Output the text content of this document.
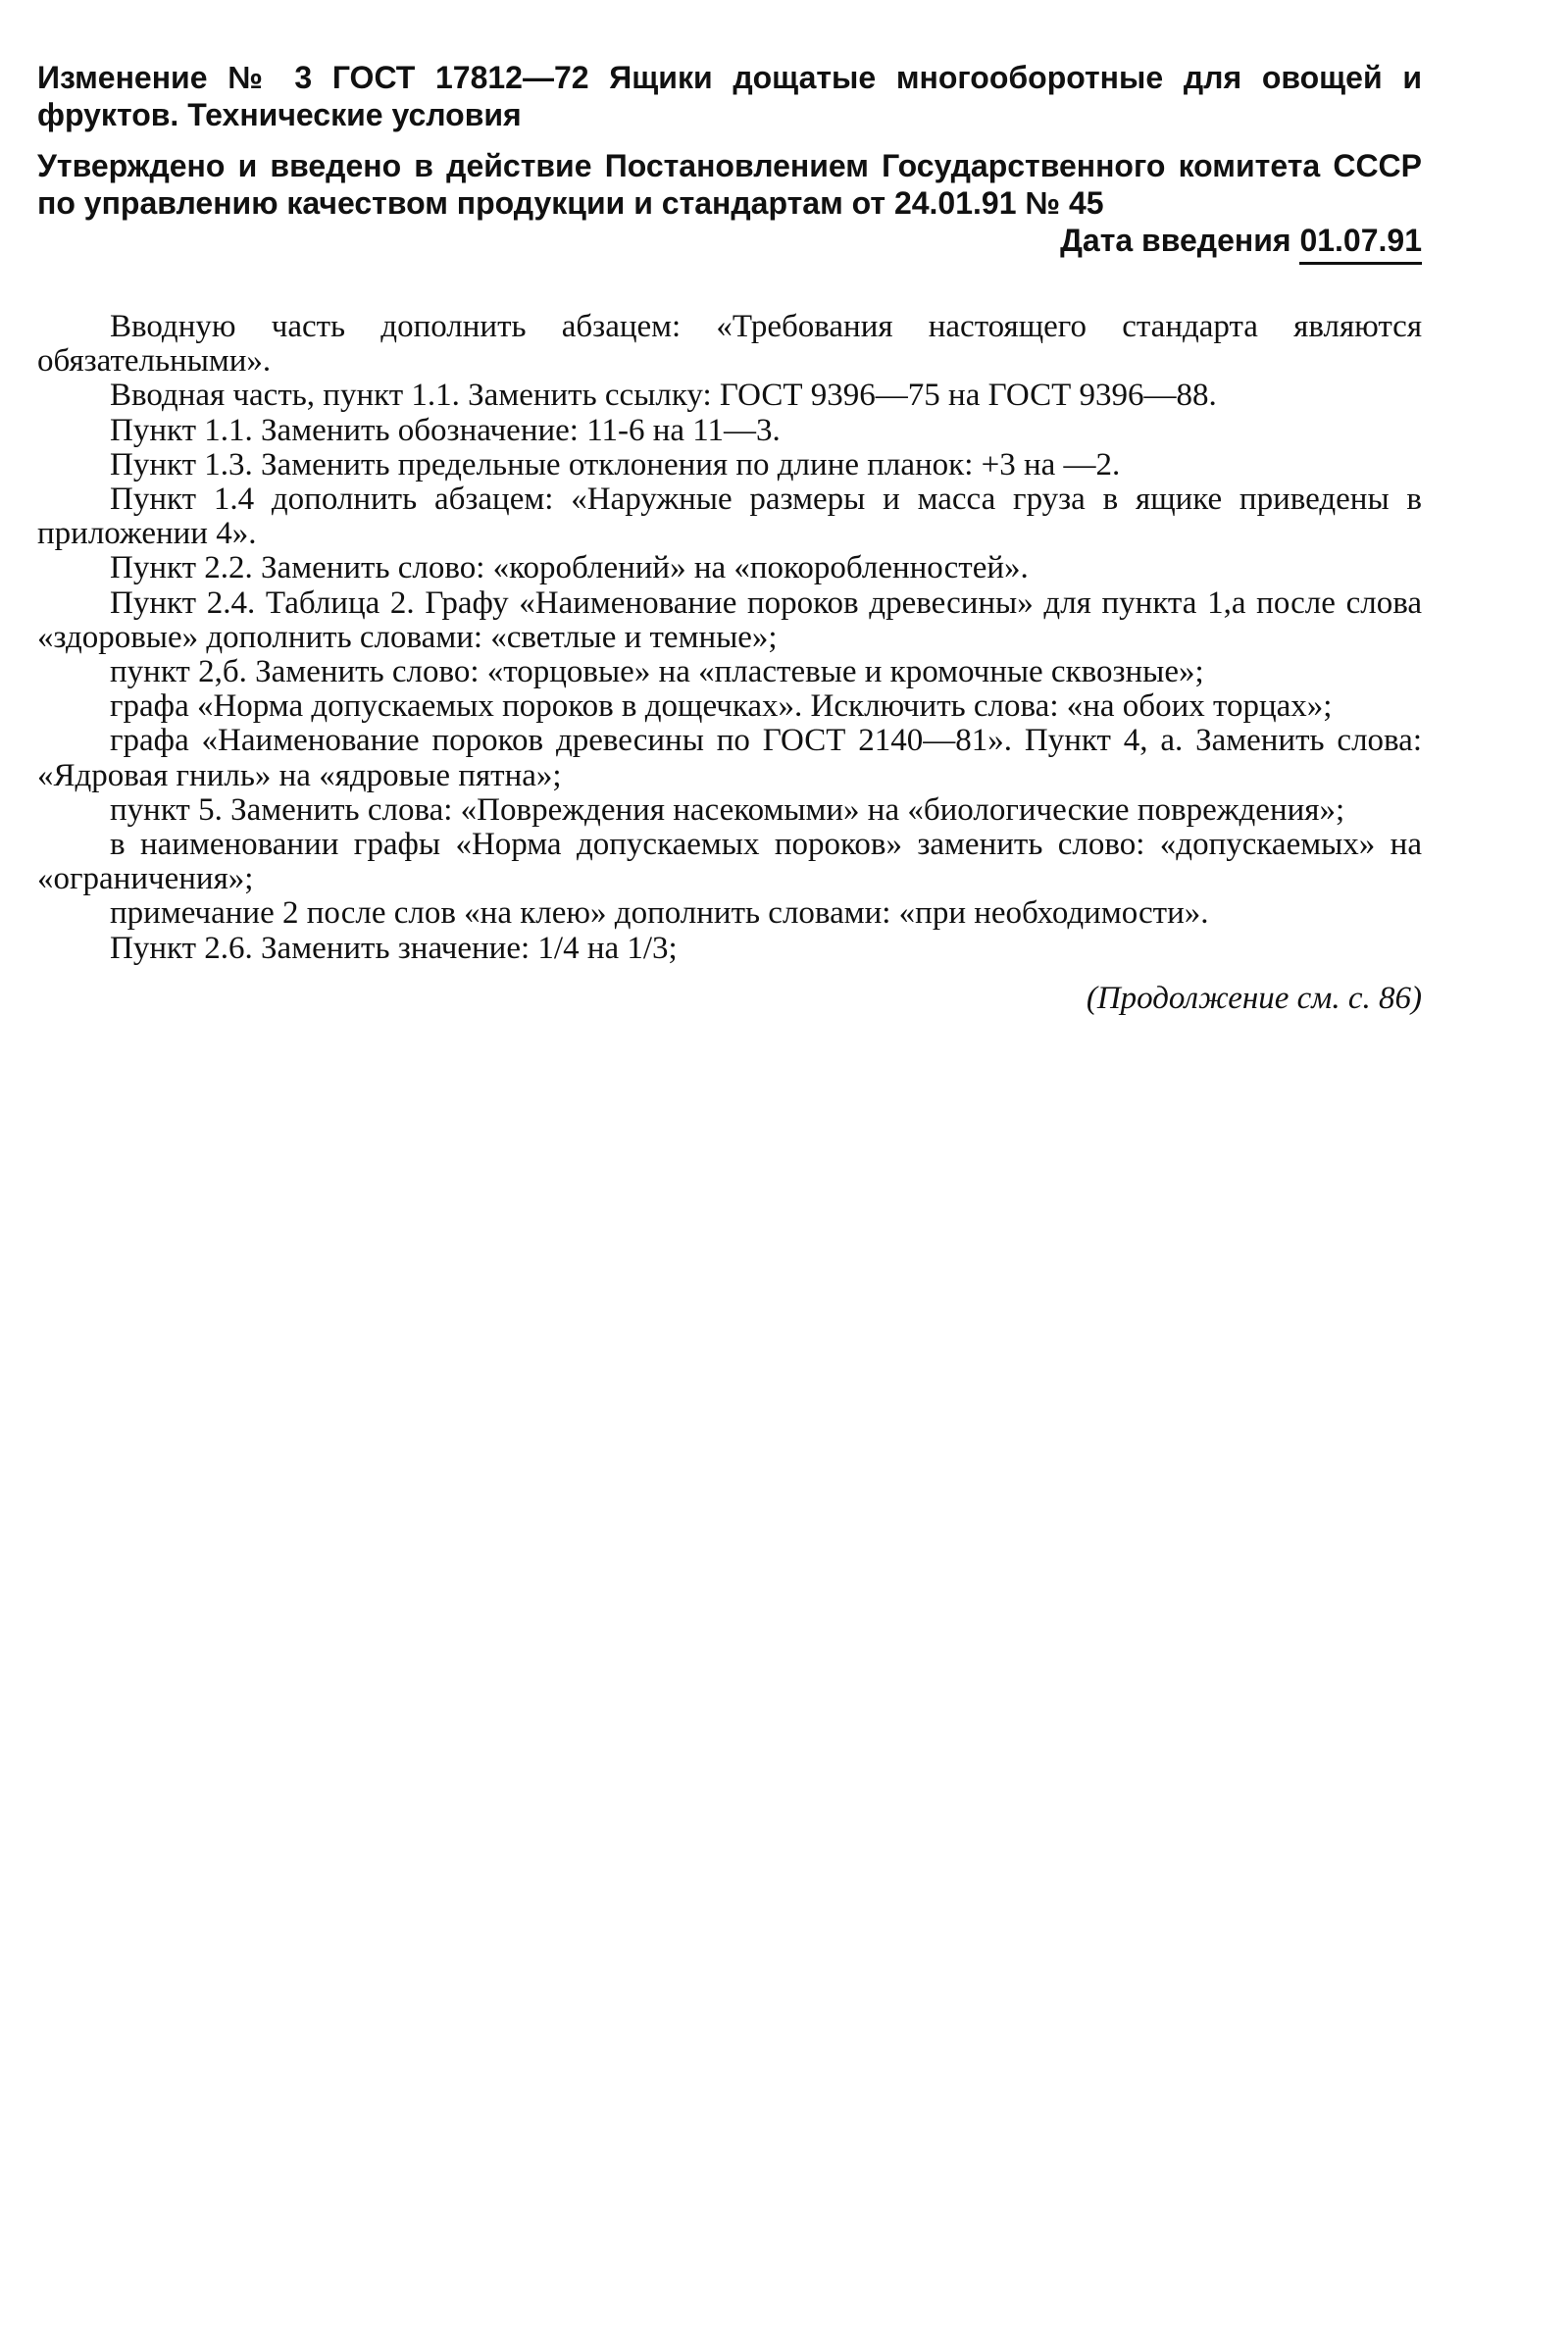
Изменение № 3 ГОСТ 17812—72 Ящики дощатые многооборотные для овощей и фруктов. Технические условия

Утверждено и введено в действие Постановлением Государственного комитета СССР по управлению качеством продукции и стандартам от 24.01.91 № 45

Дата введения 01.07.91

Вводную часть дополнить абзацем: «Требования настоящего стандарта являются обязательными».

Вводная часть, пункт 1.1. Заменить ссылку: ГОСТ 9396—75 на ГОСТ 9396—88.

Пункт 1.1. Заменить обозначение: 11-6 на 11—3.

Пункт 1.3. Заменить предельные отклонения по длине планок: +3 на —2.

Пункт 1.4 дополнить абзацем: «Наружные размеры и масса груза в ящике приведены в приложении 4».

Пункт 2.2. Заменить слово: «короблений» на «покоробленностей».

Пункт 2.4. Таблица 2. Графу «Наименование пороков древесины» для пункта 1,а после слова «здоровые» дополнить словами: «светлые и темные»;

пункт 2,б. Заменить слово: «торцовые» на «пластевые и кромочные сквозные»;

графа «Норма допускаемых пороков в дощечках». Исключить слова: «на обоих торцах»;

графа «Наименование пороков древесины по ГОСТ 2140—81». Пункт 4, а. Заменить слова: «Ядровая гниль» на «ядровые пятна»;

пункт 5. Заменить слова: «Повреждения насекомыми» на «биологические повреждения»;

в наименовании графы «Норма допускаемых пороков» заменить слово: «допускаемых» на «ограничения»;

примечание 2 после слов «на клею» дополнить словами: «при необходимости».

Пункт 2.6. Заменить значение: 1/4 на 1/3;

(Продолжение см. с. 86)
